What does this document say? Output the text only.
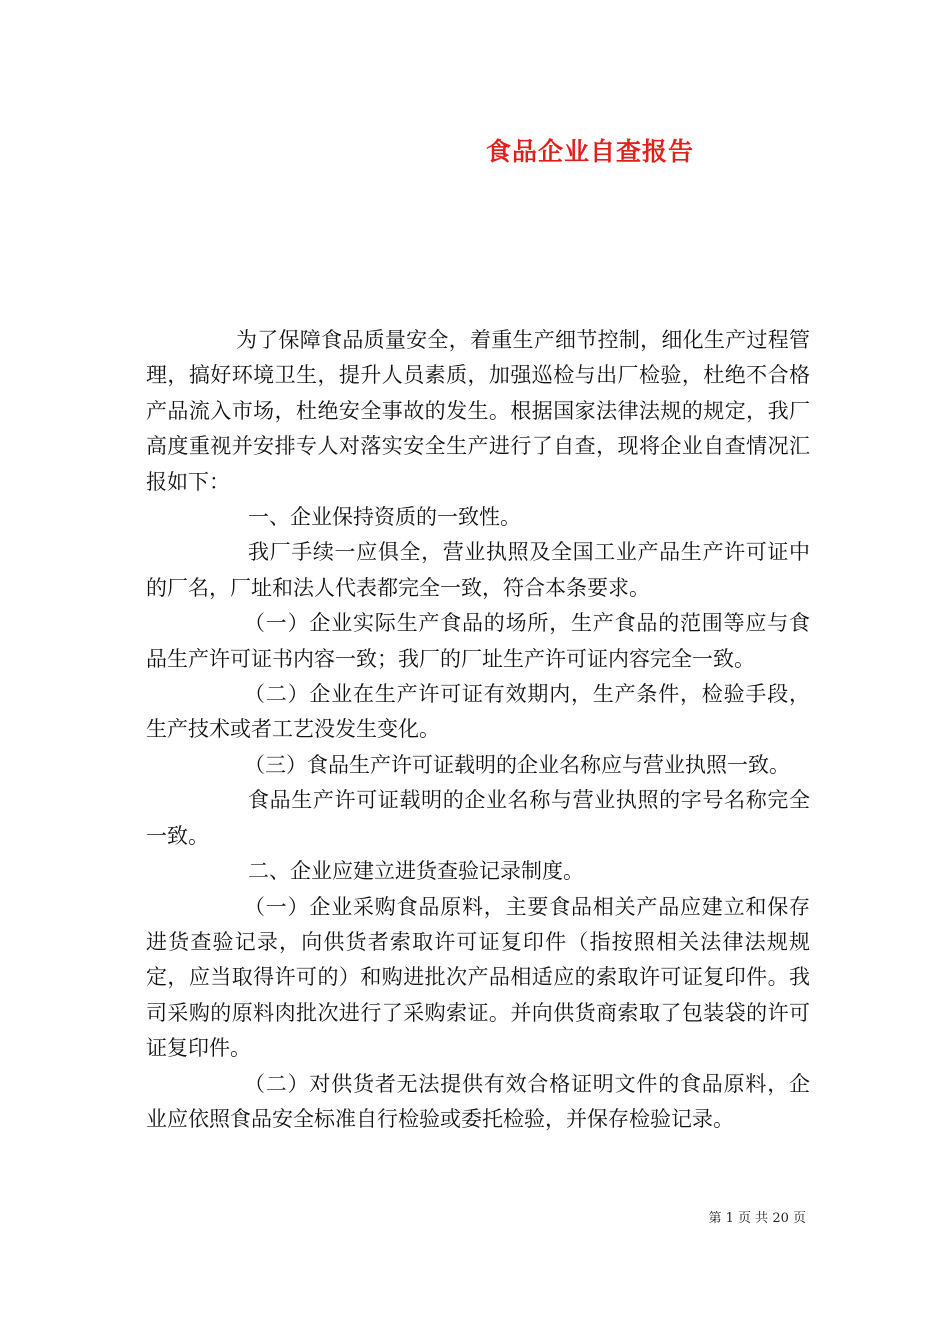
食品企业自查报告

为了保障食品质量安全，着重生产细节控制，细化生产过程管理，搞好环境卫生，提升人员素质，加强巡检与出厂检验，杜绝不合格产品流入市场，杜绝安全事故的发生。根据国家法律法规的规定，我厂高度重视并安排专人对落实安全生产进行了自查，现将企业自查情况汇报如下：

一、企业保持资质的一致性。

我厂手续一应俱全，营业执照及全国工业产品生产许可证中的厂名，厂址和法人代表都完全一致，符合本条要求。

（一）企业实际生产食品的场所，生产食品的范围等应与食品生产许可证书内容一致；我厂的厂址生产许可证内容完全一致。

（二）企业在生产许可证有效期内，生产条件，检验手段，生产技术或者工艺没发生变化。

（三）食品生产许可证载明的企业名称应与营业执照一致。

食品生产许可证载明的企业名称与营业执照的字号名称完全一致。

二、企业应建立进货查验记录制度。

（一）企业采购食品原料，主要食品相关产品应建立和保存进货查验记录，向供货者索取许可证复印件（指按照相关法律法规规定，应当取得许可的）和购进批次产品相适应的索取许可证复印件。我司采购的原料肉批次进行了采购索证。并向供货商索取了包装袋的许可证复印件。

（二）对供货者无法提供有效合格证明文件的食品原料，企业应依照食品安全标准自行检验或委托检验，并保存检验记录。

第 1 页 共 20 页
